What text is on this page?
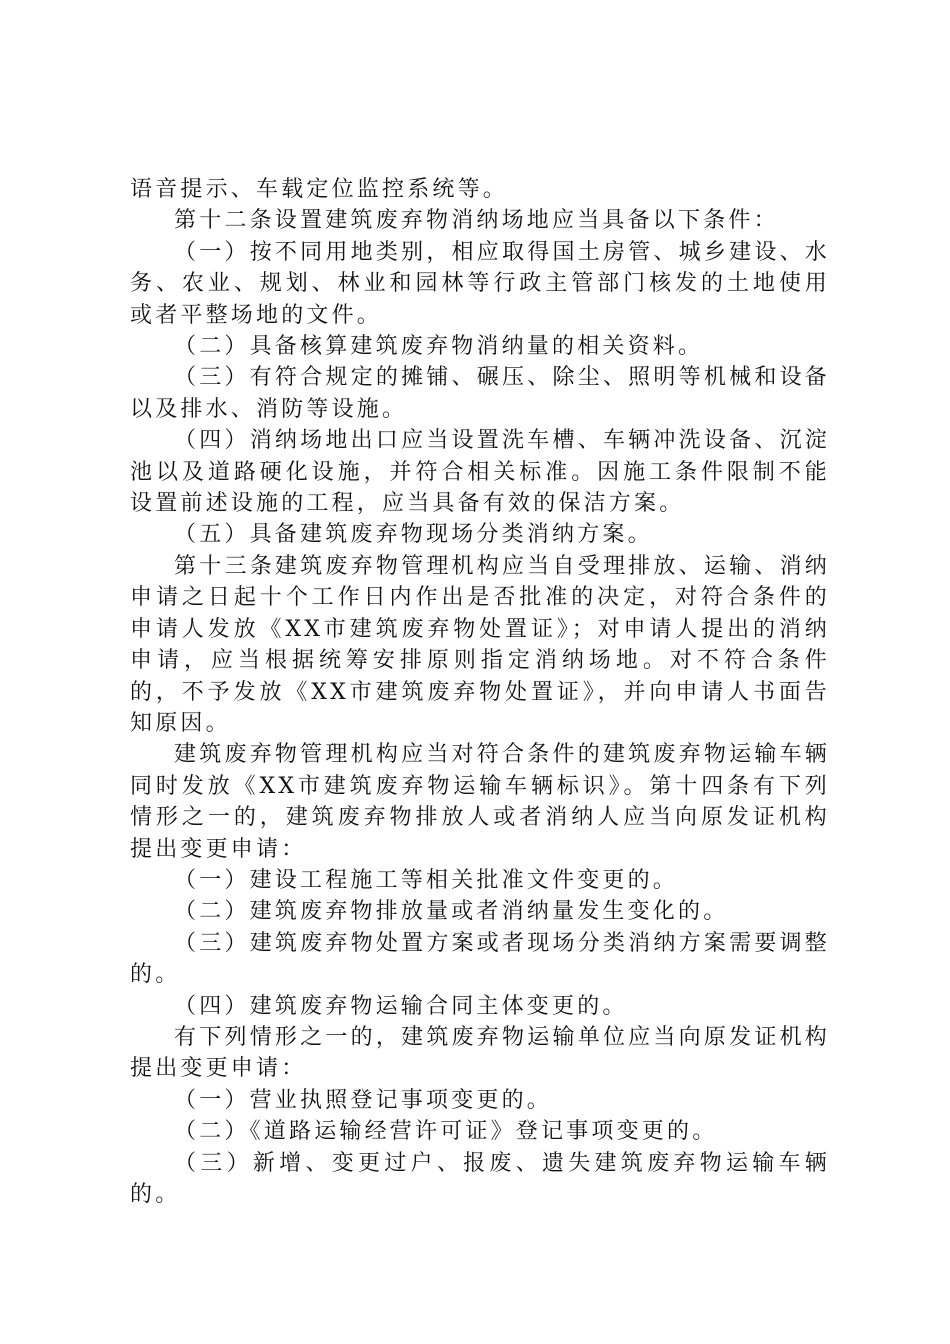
语音提示、车载定位监控系统等。

第十二条设置建筑废弃物消纳场地应当具备以下条件：

（一）按不同用地类别，相应取得国土房管、城乡建设、水务、农业、规划、林业和园林等行政主管部门核发的土地使用或者平整场地的文件。

（二）具备核算建筑废弃物消纳量的相关资料。

（三）有符合规定的摊铺、碾压、除尘、照明等机械和设备以及排水、消防等设施。

（四）消纳场地出口应当设置洗车槽、车辆冲洗设备、沉淀池以及道路硬化设施，并符合相关标准。因施工条件限制不能设置前述设施的工程，应当具备有效的保洁方案。

（五）具备建筑废弃物现场分类消纳方案。

第十三条建筑废弃物管理机构应当自受理排放、运输、消纳申请之日起十个工作日内作出是否批准的决定，对符合条件的申请人发放《XX市建筑废弃物处置证》；对申请人提出的消纳申请，应当根据统筹安排原则指定消纳场地。对不符合条件的，不予发放《XX市建筑废弃物处置证》，并向申请人书面告知原因。

建筑废弃物管理机构应当对符合条件的建筑废弃物运输车辆同时发放《XX市建筑废弃物运输车辆标识》。第十四条有下列情形之一的，建筑废弃物排放人或者消纳人应当向原发证机构提出变更申请：

（一）建设工程施工等相关批准文件变更的。

（二）建筑废弃物排放量或者消纳量发生变化的。

（三）建筑废弃物处置方案或者现场分类消纳方案需要调整的。

（四）建筑废弃物运输合同主体变更的。

有下列情形之一的，建筑废弃物运输单位应当向原发证机构提出变更申请：

（一）营业执照登记事项变更的。

（二）《道路运输经营许可证》登记事项变更的。

（三）新增、变更过户、报废、遗失建筑废弃物运输车辆的。
